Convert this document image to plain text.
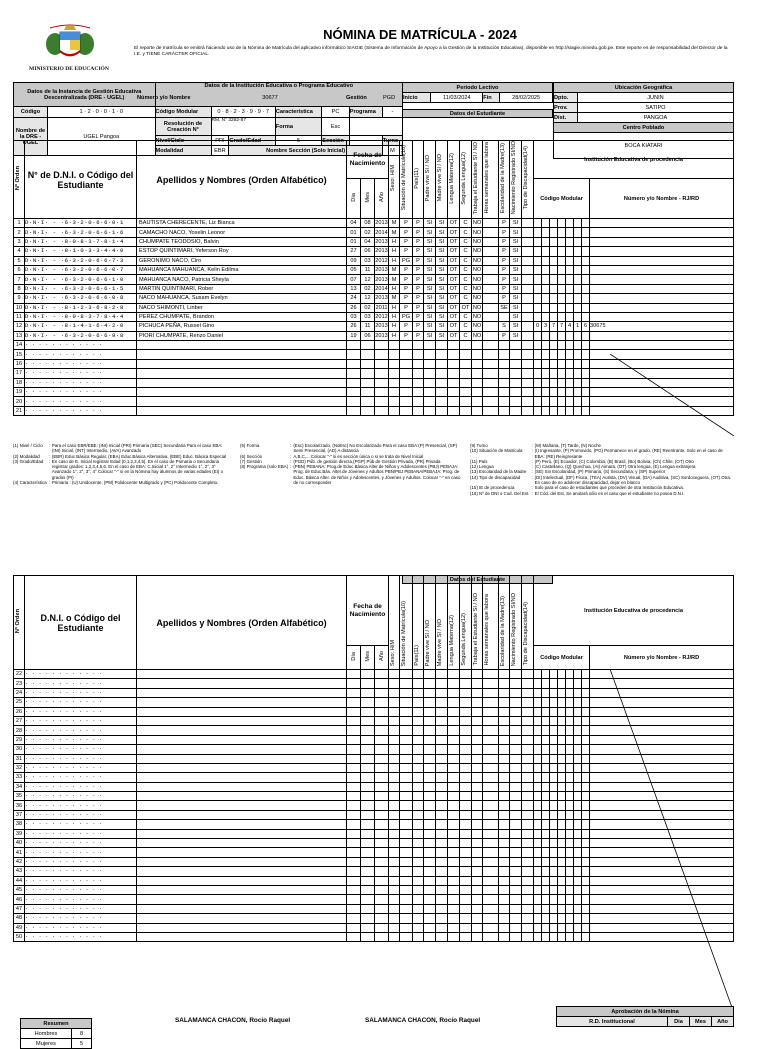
MINISTERIO DE EDUCACIÓN
NÓMINA DE MATRÍCULA - 2024
El reporte de matrícula se emitirá haciendo uso de la Nómina de Matrícula del aplicativo informático SIAGIE (Sistema de Información de Apoyo a la Gestión de la Institución Educativa), disponible en http://siagie.minedu.gob.pe. Este reporte es de responsabilidad del Director de la I.E. y TIENE CARÁCTER OFICIAL.
Datos de la Instancia de Gestión Educativa Descentralizada (DRE - UGEL)		Datos de la Institución Educativa o Programa Educativo						
Código	1 · 2 · 0 · 0 · 1 · 0	Código Modular	0 · 8 · 2 · 3 · 9 · 9 · 7		Característica	PC	Programa	-
Nombre de la DRE - UGEL	UGEL Pangoa	Resolución de Creación N°	RM. N° 3282-87		Forma	Esc		
		Nivel/Ciclo	PRI	Grado/Edad	5	Sección	-	Turno
		Modalidad	EBR	Nombre Sección (Solo Inicial)				M
Número y/o Nombre	30677	Gestión	PGD
Periodo Lectivo
Inicio	11/03/2024	Fin	28/02/2025
Ubicación Geográfica	
Dpto.	JUNIN
Prov.	SATIPO
Dist.	PANGOA
Centro Poblado	
BOCA KIATARI	
Nº Orden	N° de D.N.I. o Código del Estudiante	Apellidos y Nombres (Orden Alfabético)	Fecha de Nacimiento			Sexo: H/M	Situación de Matrícula(10)	País(11)	Padre vive SI / NO	Madre vive SI / NO	Lengua Materna(12)	Segunda Lengua(12)	Trabaja el Estudiante SI / NO	Horas semanales que labora	Escolaridad de la Madre(13)	Nacimiento Registrado SI/NO	Tipo de Discapacidad(14)	Institución Educativa de procedencia							
			Día	Mes	Año													Código Modular							Número y/o Nombre - RJ/RD
1	D·N·I· - ·6·3·2·0·6·6·0·1	BAUTISTA CHERECENTE, Liz Bianca	04	08	2013	M	P	P	SI	SI	OT	C	NO		P	SI									
2	D·N·I· - ·6·3·2·0·6·6·1·6	CAMACHO NACO, Yoselin Leonor	01	02	2014	M	P	P	SI	SI	OT	C	NO		P	SI									
3	D·N·I· - ·8·0·8·3·7·8·1·4	CHUMPATE TEODOSIO, Balvin	01	04	2013	H	P	P	SI	SI	OT	C	NO		P	SI									
4	D·N·I· - ·8·1·0·3·3·4·4·0	ESTOP QUINTIMARI, Yeferson Roy	27	06	2013	H	P	P	SI	SI	OT	C	NO		P	SI									
5	D·N·I· - ·6·3·2·0·6·6·7·3	GERONIMO NACO, Ciro	09	03	2012	H	PG	P	SI	SI	OT	C	NO		P	SI									
6	D·N·I· - ·6·3·2·0·6·6·0·7	MAHUANCA MAHUANCA, Kelin Edilma	05	11	2013	M	P	P	SI	SI	OT	C	NO		P	SI									
7	D·N·I· - ·6·3·2·0·6·6·1·0	MAHUANCA NACO, Patricia Sheyla	07	12	2013	M	P	P	SI	SI	OT	C	NO		P	SI									
8	D·N·I· - ·6·3·2·0·6·6·1·5	MARTIN QUINTIMARI, Rober	13	02	2014	H	P	P	SI	SI	OT	C	NO		P	SI									
9	D·N·I· - ·6·3·2·0·6·6·0·8	NACO MAHUANCA, Susam Evelyn	24	12	2013	M	P	P	SI	SI	OT	C	NO		P	SI									
10	D·N·I· - ·8·1·2·3·6·8·2·8	NACO SHIMONTI, Linber	26	02	2011	H	P	P	SI	SI	OT	OT	NO		SE	SI									
11	D·N·I· - ·8·0·8·3·7·8·4·4	PEREZ CHUMPATE, Brandon	03	03	2012	H	PG	P	SI	SI	OT	C	NO			SI									
12	D·N·I· - ·8·1·4·1·6·4·2·0	PICHUCA PEÑA, Russel Gino	26	11	2013	H	P	P	SI	SI	OT	C	NO		S	SI		0	3	7	7	4	1	6	30675
13	D·N·I· - ·6·3·2·0·6·6·9·8	PIORI CHUMPATE, Renzo Daniel	19	06	2013	H	P	P	SI	SI	OT	C	NO		P	SI									
14	· · · · · · · · · · · ·																								
15	· · · · · · · · · · · ·																								
16	· · · · · · · · · · · ·																								
17	· · · · · · · · · · · ·																								
18	· · · · · · · · · · · ·																								
19	· · · · · · · · · · · ·																								
20	· · · · · · · · · · · ·																								
21	· · · · · · · · · · · ·																								
Datos del Estudiante
(1) Nivel / Ciclo	:	Para el caso EBR/EBE: (INI) Inicial (PRI) Primaria (SEC) Secundaria Para el caso EBA: (INI) Inicial, (INT) Intermedio, (AVA) Avanzado
(2) Modalidad	:	(EBR) Educ.Básica Regular, (EBA) Educ.Básica Alternativa, (EBE) Educ. Básica Especial
(3) Grado/Edad	:	En caso de E. Inicial registrar Edad (0,1,2,3,4,5). En el caso de Primaria o Secundaria registrar grados: 1,2,3,4,5,6. En el caso de EBA: C.Inicial 1°, 2° Intermedio 1°, 2°, 3° Avanzado 1°, 2°, 3°, 4° Colocar "-" si en la Nómina hay alumnos de varias edades (EI) o grados (PI)
(4) Característica	:	Primaria : (U) Unidocente, (PM) Polidocente Multigrado y (PC) Polidocente Completo.
(5) Forma	:	(Esc) Escolarizado, (NoEsc) No Escolarizado Para el caso EBA:(P) Presencial, (SP) Semi Presencial, (AD) A distancia
(6) Sección	:	A,B,C,... Colocar "-" si es sección única o si se trata de Nivel Inicial
(7) Gestión	:	(PGD) Púb. de gestión directa,(PGP) Púb.de Gestión Privada, (PR) Privada
(8) Programa (solo EBA)	:	(PBN) PEBANA: Prog.de Educ.Básica Alter.de Niños y Adolescentes (PBJ) PEBAJA: Prog. de Educ.Bás. Alter.de Jóvenes y Adultos PBN/PBJ PEBANA/PEBAJA: Prog. de Educ. Básica Alter. de Niños y Adolescentes, y Jóvenes y Adultos. Colocar "-" en caso de no corresponder
(9) Turno	:	(M) Mañana, (T) Tarde, (N) Noche
(10) Situación de Matrícula	:	(I) Ingresante, (P) Promovido, (PG) Permanece en el grado, (RE) Reentrante. Solo en el caso de EBA: (RE) Reingresante
(11) País	:	(P) Perú, (E) Ecuador, (C) Colombia, (B) Brasil, (Bo) Bolivia, (Ch) Chile, (OT) Otro
(12) Lengua	:	(C) Castellano, (Q) Quechua, (AI) Aimara, (OT) Otra lengua, (E) Lengua extranjera
(13) Escolaridad de la Madre	:	(SE) Sin Escolaridad, (P) Primaria, (S) Secundaria, y (SP) Superior
(14) Tipo de discapacidad	:	(DI) Intelectual, (DF) Física, (TEA) Autista, (DV) Visual, (DA) Auditiva, (SC) Sordoceguera, (OT) Otra. En caso de no adolecer discapacidad, dejar en blanco
(15) IE de procedencia	:	Solo para el caso de estudiantes que proceden de otra Institución Educativa.
(16) Nº de DNI o Cod. Del Est.	:	El Cód. del Est. Se anotará sólo en el caso que el estudiante no posea D.N.I.
Datos del Estudiante
Nº Orden	D.N.I. o Código del Estudiante	Apellidos y Nombres (Orden Alfabético)	Fecha de Nacimiento			Sexo: H/M	Situación de Matrícula(10)	País(11)	Padre vive SI / NO	Madre vive SI / NO	Lengua Materna(12)	Segunda Lengua(12)	Trabaja el Estudiante SI / NO	Horas semanales que labora	Escolaridad de la Madre(13)	Nacimiento Registrado SI/NO	Tipo de Discapacidad(14)	Institución Educativa de procedencia							
			Día	Mes	Año													Código Modular							Número y/o Nombre - RJ/RD
22	· · · · · · · · · · · ·																								
23	· · · · · · · · · · · ·																								
24	· · · · · · · · · · · ·																								
25	· · · · · · · · · · · ·																								
26	· · · · · · · · · · · ·																								
27	· · · · · · · · · · · ·																								
28	· · · · · · · · · · · ·																								
29	· · · · · · · · · · · ·																								
30	· · · · · · · · · · · ·																								
31	· · · · · · · · · · · ·																								
32	· · · · · · · · · · · ·																								
33	· · · · · · · · · · · ·																								
34	· · · · · · · · · · · ·																								
35	· · · · · · · · · · · ·																								
36	· · · · · · · · · · · ·																								
37	· · · · · · · · · · · ·																								
38	· · · · · · · · · · · ·																								
39	· · · · · · · · · · · ·																								
40	· · · · · · · · · · · ·																								
41	· · · · · · · · · · · ·																								
42	· · · · · · · · · · · ·																								
43	· · · · · · · · · · · ·																								
44	· · · · · · · · · · · ·																								
45	· · · · · · · · · · · ·																								
46	· · · · · · · · · · · ·																								
47	· · · · · · · · · · · ·																								
48	· · · · · · · · · · · ·																								
49	· · · · · · · · · · · ·																								
50	· · · · · · · · · · · ·																								
Resumen	
Hombres	8
Mujeres	5
SALAMANCA CHACON, Rocío Raquel	SALAMANCA CHACON, Rocío Raquel
Aprobación de la Nómina
R.D. Institucional	Día	Mes	Año
